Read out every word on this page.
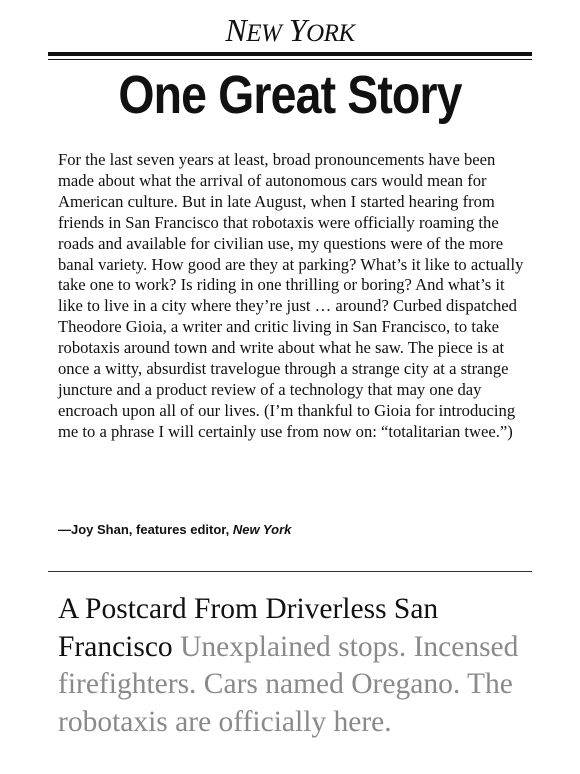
NEW YORK
One Great Story

For the last seven years at least, broad pronouncements have been made about what the arrival of autonomous cars would mean for American culture. But in late August, when I started hearing from friends in San Francisco that robotaxis were officially roaming the roads and available for civilian use, my questions were of the more banal variety. How good are they at parking? What’s it like to actually take one to work? Is riding in one thrilling or boring? And what’s it like to live in a city where they’re just … around? Curbed dispatched Theodore Gioia, a writer and critic living in San Francisco, to take robotaxis around town and write about what he saw. The piece is at once a witty, absurdist travelogue through a strange city at a strange juncture and a product review of a technology that may one day encroach upon all of our lives. (I’m thankful to Gioia for introducing me to a phrase I will certainly use from now on: “totalitarian twee.”)

—Joy Shan, features editor, New York
A Postcard From Driverless San Francisco Unexplained stops. Incensed firefighters. Cars named Oregano. The robotaxis are officially here.
